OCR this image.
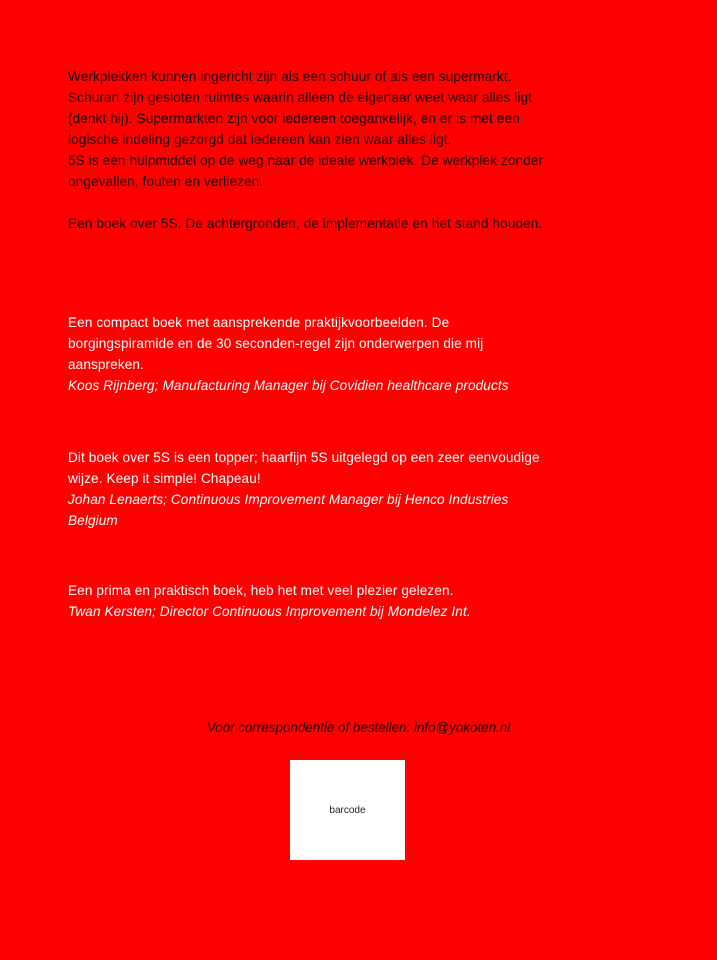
Werkplekken kunnen ingericht zijn als een schuur of als een supermarkt.

Schuren zijn gesloten ruimtes waarin alleen de eigenaar weet waar alles ligt

(denkt hij). Supermarkten zijn voor iedereen toegankelijk, en er is met een

logische indeling gezorgd dat iedereen kan zien waar alles ligt.

5S is een hulpmiddel op de weg naar de ideale werkplek. De werkplek zonder

ongevallen, fouten en verliezen.

Een boek over 5S. De achtergronden, de implementatie en het stand houden.

Een compact boek met aansprekende praktijkvoorbeelden. De

borgingspiramide en de 30 seconden-regel zijn onderwerpen die mij

aanspreken.

Koos Rijnberg; Manufacturing Manager bij Covidien healthcare products

Dit boek over 5S is een topper; haarfijn 5S uitgelegd op een zeer eenvoudige

wijze. Keep it simple! Chapeau!

Johan Lenaerts; Continuous Improvement Manager bij Henco Industries

Belgium

Een prima en praktisch boek, heb het met veel plezier gelezen.

Twan Kersten; Director Continuous Improvement bij Mondelez Int.

Voor correspondentie of bestellen: info@yokoten.nl
barcode
